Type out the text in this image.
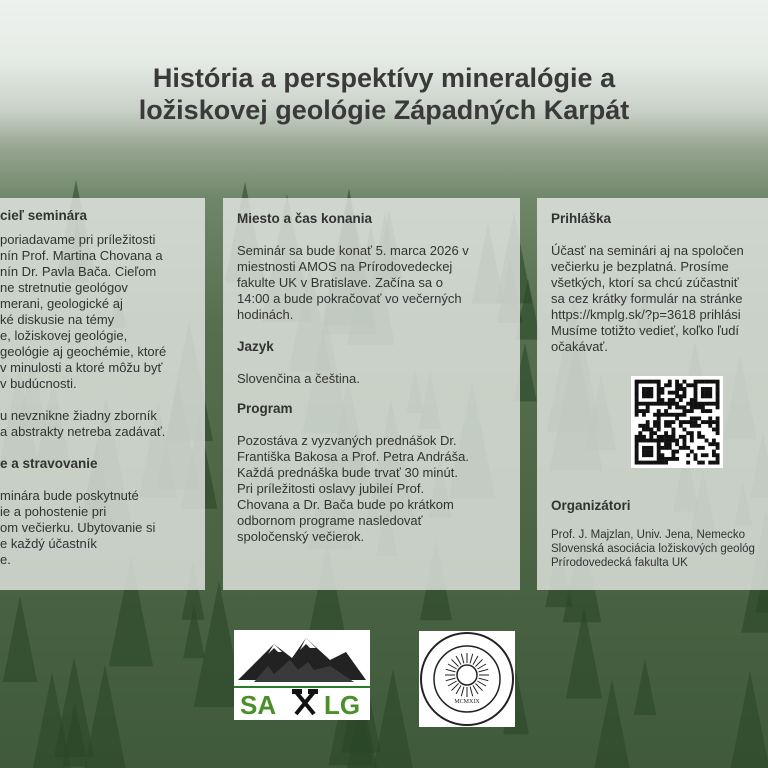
História a perspektívy mineralógie a
ložiskovej geológie Západných Karpát
cieľ seminára
poriadavame pri príležitosti
nín Prof. Martina Chovana a
nín Dr. Pavla Bača. Cieľom
ne stretnutie geológov
merani, geologické aj
ké diskusie na témy
e, ložiskovej geológie,
geológie aj geochémie, ktoré
v minulosti a ktoré môžu byť
v budúcnosti.
u nevznikne žiadny zborník
a abstrakty netreba zadávať.
e a stravovanie
minára bude poskytnuté
ie a pohostenie pri
om večierku. Ubytovanie si
e každý účastník
e.
Miesto a čas konania
Seminár sa bude konať 5. marca 2026 v
miestnosti AMOS na Prírodovedeckej
fakulte UK v Bratislave. Začína sa o
14:00 a bude pokračovať vo večerných
hodinách.
Jazyk
Slovenčina a čeština.
Program
Pozostáva z vyzvaných prednášok Dr.
Františka Bakosa a Prof. Petra Andráša.
Každá prednáška bude trvať 30 minút.
Pri príležitosti oslavy jubileí Prof.
Chovana a Dr. Bača bude po krátkom
odbornom programe nasledovať
spoločenský večierok.
Prihláška
Účasť na seminári aj na spoločen
večierku je bezplatná. Prosíme
všetkých, ktorí sa chcú zúčastniť
sa cez krátky formulár na stránke
https://kmplg.sk/?p=3618 prihlási
Musíme totižto vedieť, koľko ľudí
očakávať.
Organizátori
Prof. J. Majzlan, Univ. Jena, Nemecko
Slovenská asociácia ložiskových geológ
Prírodovedecká fakulta UK
SA LG	MCMXIX
